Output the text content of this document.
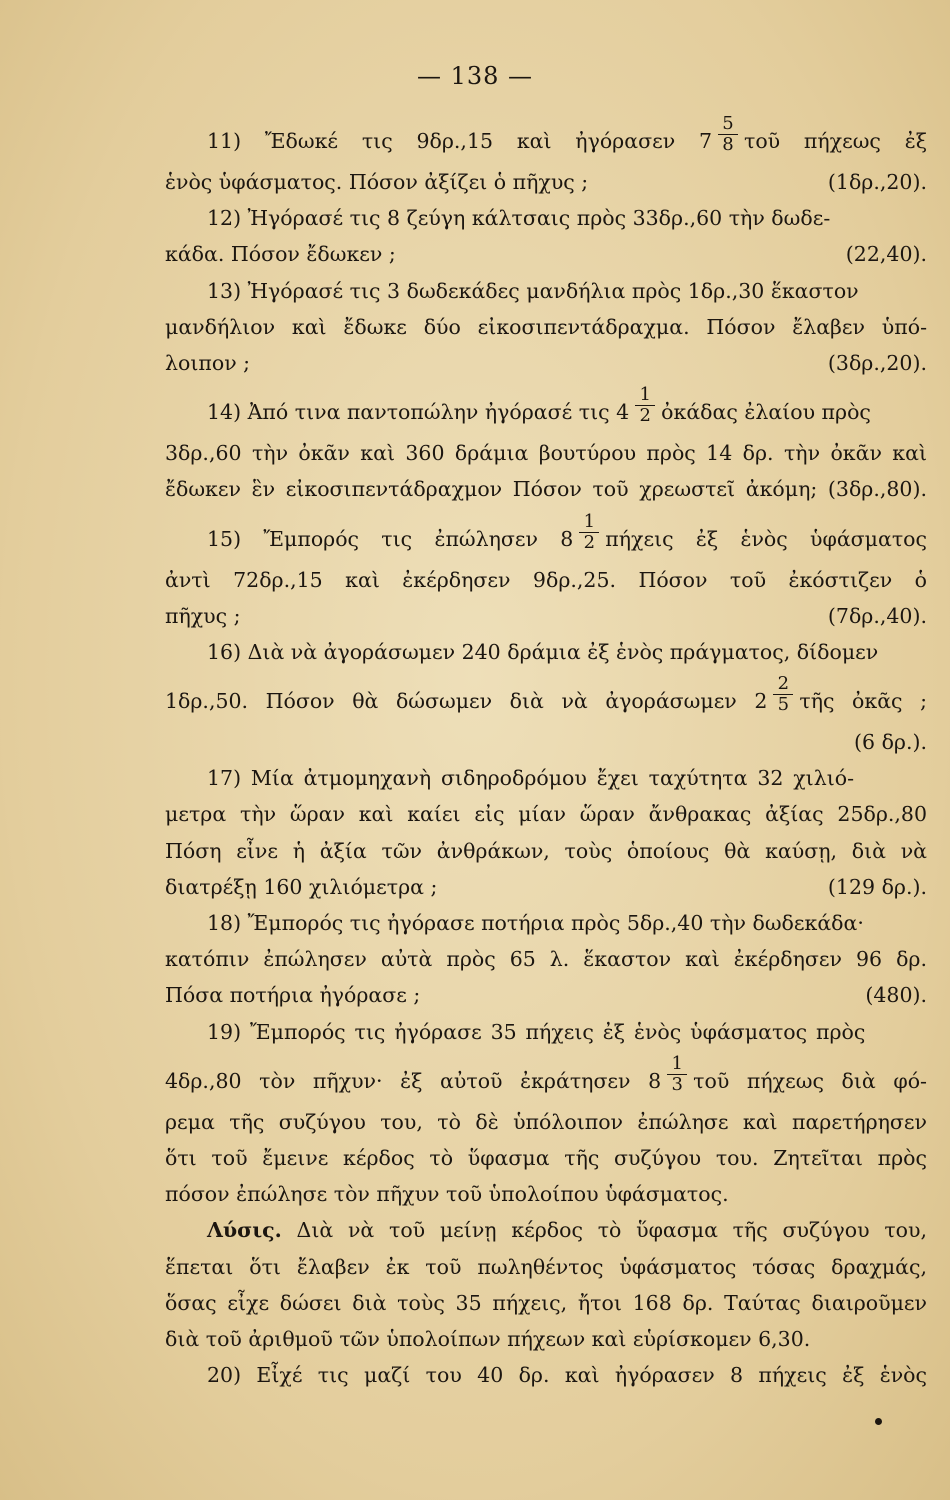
— 138 —
11) Ἔδωκέ τις 9δρ.,15 καὶ ἠγόρασεν $7 \frac{5}{8}$ τοῦ πήχεως ἐξ
ἑνὸς ὑφάσματος. Πόσον ἀξίζει ὁ πῆχυς ;	(1δρ.,20).
12) Ἠγόρασέ τις 8 ζεύγη κάλτσαις πρὸς 33δρ.,60 τὴν δωδε-
κάδα. Πόσον ἔδωκεν ;	(22,40).
13) Ἠγόρασέ τις 3 δωδεκάδες μανδήλια πρὸς 1δρ.,30 ἕκαστον
μανδήλιον καὶ ἔδωκε δύο εἰκοσιπεντάδραχμα. Πόσον ἔλαβεν ὑπό-
λοιπον ;	(3δρ.,20).
14) Ἀπό τινα παντοπώλην ἠγόρασέ τις $4 \frac{1}{2}$ ὀκάδας ἐλαίου πρὸς
3δρ.,60 τὴν ὀκᾶν καὶ 360 δράμια βουτύρου πρὸς 14 δρ. τὴν ὀκᾶν καὶ
ἔδωκεν ἓν εἰκοσιπεντάδραχμον Πόσον τοῦ χρεωστεῖ ἀκόμη; (3δρ.,80).
15) Ἔμπορός τις ἐπώλησεν $8 \frac{1}{2}$ πήχεις ἐξ ἑνὸς ὑφάσματος
ἀντὶ 72δρ.,15 καὶ ἐκέρδησεν 9δρ.,25. Πόσον τοῦ ἐκόστιζεν ὁ
πῆχυς ;	(7δρ.,40).
16) Διὰ νὰ ἀγοράσωμεν 240 δράμια ἐξ ἑνὸς πράγματος, δίδομεν
1δρ.,50. Πόσον θὰ δώσωμεν διὰ νὰ ἀγοράσωμεν $2 \frac{2}{5}$ τῆς ὀκᾶς ;
(6 δρ.).
17) Μία ἀτμομηχανὴ σιδηροδρόμου ἔχει ταχύτητα 32 χιλιό-
μετρα τὴν ὥραν καὶ καίει εἰς μίαν ὥραν ἄνθρακας ἀξίας 25δρ.,80
Πόση εἶνε ἡ ἀξία τῶν ἀνθράκων, τοὺς ὁποίους θὰ καύσῃ, διὰ νὰ
διατρέξῃ 160 χιλιόμετρα ;	(129 δρ.).
18) Ἔμπορός τις ἠγόρασε ποτήρια πρὸς 5δρ.,40 τὴν δωδεκάδα·
κατόπιν ἐπώλησεν αὐτὰ πρὸς 65 λ. ἕκαστον καὶ ἐκέρδησεν 96 δρ.
Πόσα ποτήρια ἠγόρασε ;	(480).
19) Ἔμπορός τις ἠγόρασε 35 πήχεις ἐξ ἑνὸς ὑφάσματος πρὸς
4δρ.,80 τὸν πῆχυν· ἐξ αὐτοῦ ἐκράτησεν $8 \frac{1}{3}$ τοῦ πήχεως διὰ φό-
ρεμα τῆς συζύγου του, τὸ δὲ ὑπόλοιπον ἐπώλησε καὶ παρετήρησεν
ὅτι τοῦ ἔμεινε κέρδος τὸ ὕφασμα τῆς συζύγου του. Ζητεῖται πρὸς
πόσον ἐπώλησε τὸν πῆχυν τοῦ ὑπολοίπου ὑφάσματος.
Λύσις. Διὰ νὰ τοῦ μείνῃ κέρδος τὸ ὕφασμα τῆς συζύγου του,
ἕπεται ὅτι ἔλαβεν ἐκ τοῦ πωληθέντος ὑφάσματος τόσας δραχμάς,
ὅσας εἶχε δώσει διὰ τοὺς 35 πήχεις, ἤτοι 168 δρ. Ταύτας διαιροῦμεν
διὰ τοῦ ἀριθμοῦ τῶν ὑπολοίπων πήχεων καὶ εὑρίσκομεν 6,30.
20) Εἶχέ τις μαζί του 40 δρ. καὶ ἠγόρασεν 8 πήχεις ἐξ ἑνὸς
